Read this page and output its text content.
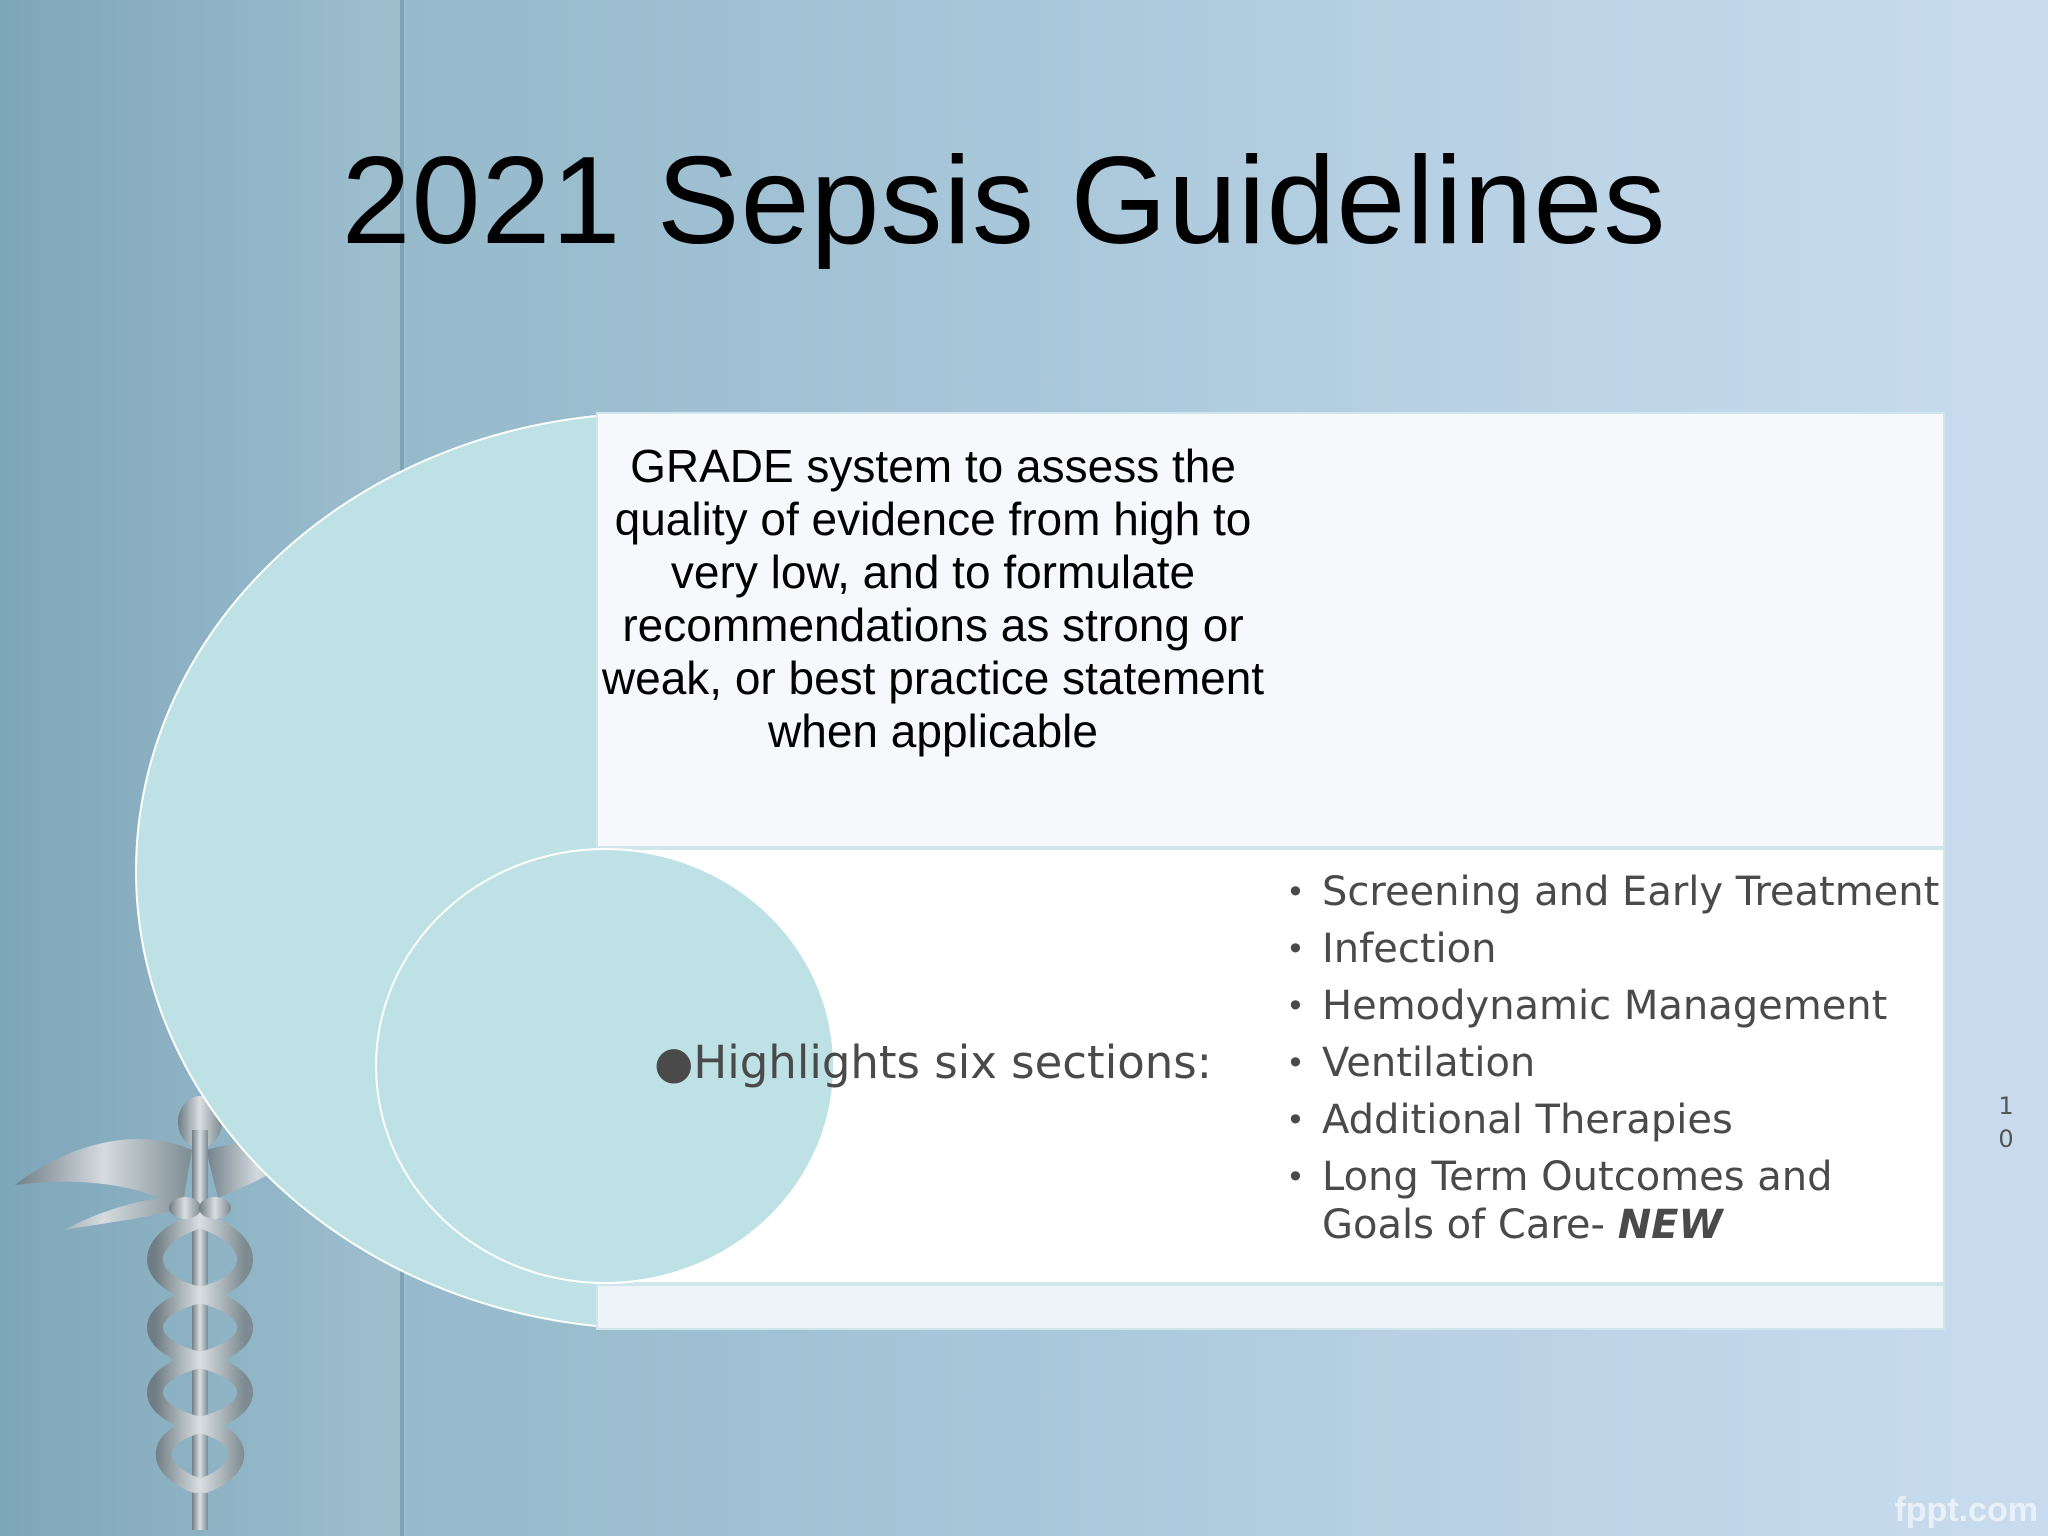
2021 Sepsis Guidelines
GRADE system to assess the quality of evidence from high to very low, and to formulate recommendations as strong or weak, or best practice statement when applicable
●Highlights six sections:
• Screening and Early Treatment
• Infection
• Hemodynamic Management
• Ventilation
• Additional Therapies
• Long Term Outcomes and Goals of Care- NEW
1
0
fppt.com
